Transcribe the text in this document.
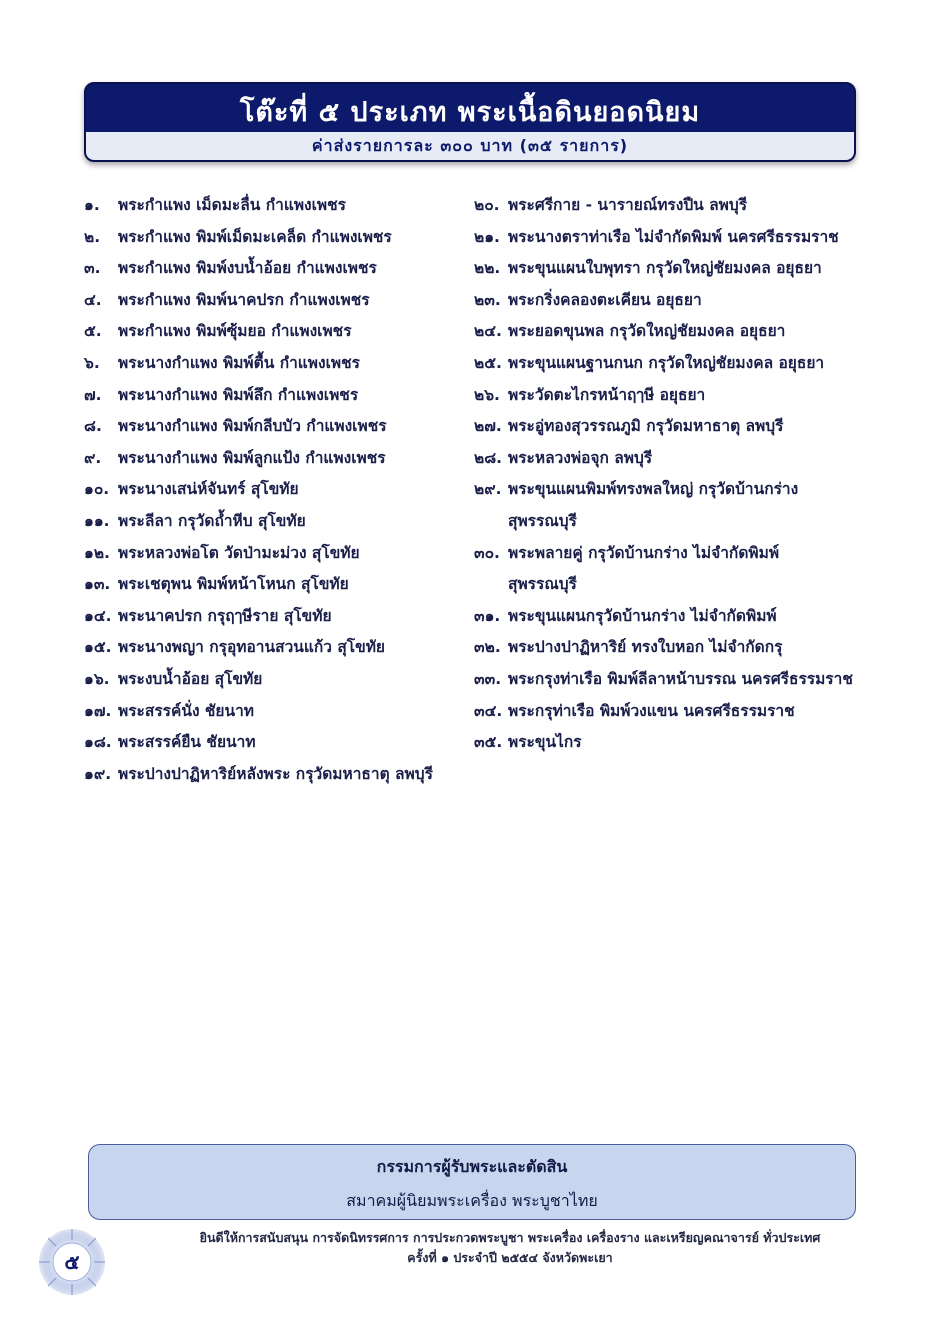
โต๊ะที่ ๕ ประเภท พระเนื้อดินยอดนิยม
ค่าส่งรายการละ ๓๐๐ บาท (๓๕ รายการ)
๑.	พระกำแพง เม็ดมะลื่น กำแพงเพชร
๒.	พระกำแพง พิมพ์เม็ดมะเคล็ด กำแพงเพชร
๓.	พระกำแพง พิมพ์งบน้ำอ้อย กำแพงเพชร
๔.	พระกำแพง พิมพ์นาคปรก กำแพงเพชร
๕.	พระกำแพง พิมพ์ซุ้มยอ กำแพงเพชร
๖.	พระนางกำแพง พิมพ์ตื้น กำแพงเพชร
๗.	พระนางกำแพง พิมพ์ลึก กำแพงเพชร
๘.	พระนางกำแพง พิมพ์กลีบบัว กำแพงเพชร
๙.	พระนางกำแพง พิมพ์ลูกแป้ง กำแพงเพชร
๑๐. พระนางเสน่ห์จันทร์ สุโขทัย
๑๑. พระลีลา กรุวัดถ้ำหีบ สุโขทัย
๑๒. พระหลวงพ่อโต วัดป่ามะม่วง สุโขทัย
๑๓. พระเชตุพน พิมพ์หน้าโหนก สุโขทัย
๑๔. พระนาคปรก กรุฤๅษีราย สุโขทัย
๑๕. พระนางพญา กรุอุทอานสวนแก้ว สุโขทัย
๑๖. พระงบน้ำอ้อย สุโขทัย
๑๗. พระสรรค์นั่ง ชัยนาท
๑๘. พระสรรค์ยืน ชัยนาท
๑๙. พระปางปาฏิหาริย์หลังพระ กรุวัดมหาธาตุ ลพบุรี
๒๐. พระศรีกาย - นารายณ์ทรงปืน ลพบุรี
๒๑. พระนางตราท่าเรือ ไม่จำกัดพิมพ์ นครศรีธรรมราช
๒๒. พระขุนแผนใบพุทรา กรุวัดใหญ่ชัยมงคล อยุธยา
๒๓. พระกริ่งคลองตะเคียน อยุธยา
๒๔. พระยอดขุนพล กรุวัดใหญ่ชัยมงคล อยุธยา
๒๕. พระขุนแผนฐานกนก กรุวัดใหญ่ชัยมงคล อยุธยา
๒๖. พระวัดตะไกรหน้าฤๅษี อยุธยา
๒๗. พระอู่ทองสุวรรณภูมิ กรุวัดมหาธาตุ ลพบุรี
๒๘. พระหลวงพ่อจุก ลพบุรี
๒๙. พระขุนแผนพิมพ์ทรงพลใหญ่ กรุวัดบ้านกร่าง
สุพรรณบุรี
๓๐. พระพลายคู่ กรุวัดบ้านกร่าง ไม่จำกัดพิมพ์
สุพรรณบุรี
๓๑. พระขุนแผนกรุวัดบ้านกร่าง ไม่จำกัดพิมพ์
๓๒. พระปางปาฏิหาริย์ ทรงใบหอก ไม่จำกัดกรุ
๓๓. พระกรุงท่าเรือ พิมพ์ลีลาหน้าบรรณ นครศรีธรรมราช
๓๔. พระกรุท่าเรือ พิมพ์วงแขน นครศรีธรรมราช
๓๕. พระขุนไกร
กรรมการผู้รับพระและตัดสิน
สมาคมผู้นิยมพระเครื่อง พระบูชาไทย
ยินดีให้การสนับสนุน การจัดนิทรรศการ การประกวดพระบูชา พระเครื่อง เครื่องราง และเหรียญคณาจารย์ ทั่วประเทศ
ครั้งที่ ๑ ประจำปี ๒๕๕๔ จังหวัดพะเยา
๕
